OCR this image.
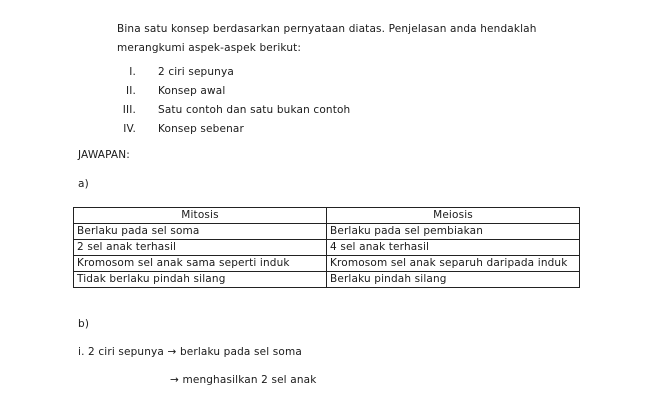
Bina satu konsep berdasarkan pernyataan diatas. Penjelasan anda hendaklah
merangkumi aspek-aspek berikut:
I. 2 ciri sepunya
II. Konsep awal
III. Satu contoh dan satu bukan contoh
IV. Konsep sebenar
JAWAPAN:
a)
Mitosis	Meiosis
Berlaku pada sel soma	Berlaku pada sel pembiakan
2 sel anak terhasil	4 sel anak terhasil
Kromosom sel anak sama seperti induk	Kromosom sel anak separuh daripada induk
Tidak berlaku pindah silang	Berlaku pindah silang
b)
i. 2 ciri sepunya → berlaku pada sel soma
→ menghasilkan 2 sel anak
